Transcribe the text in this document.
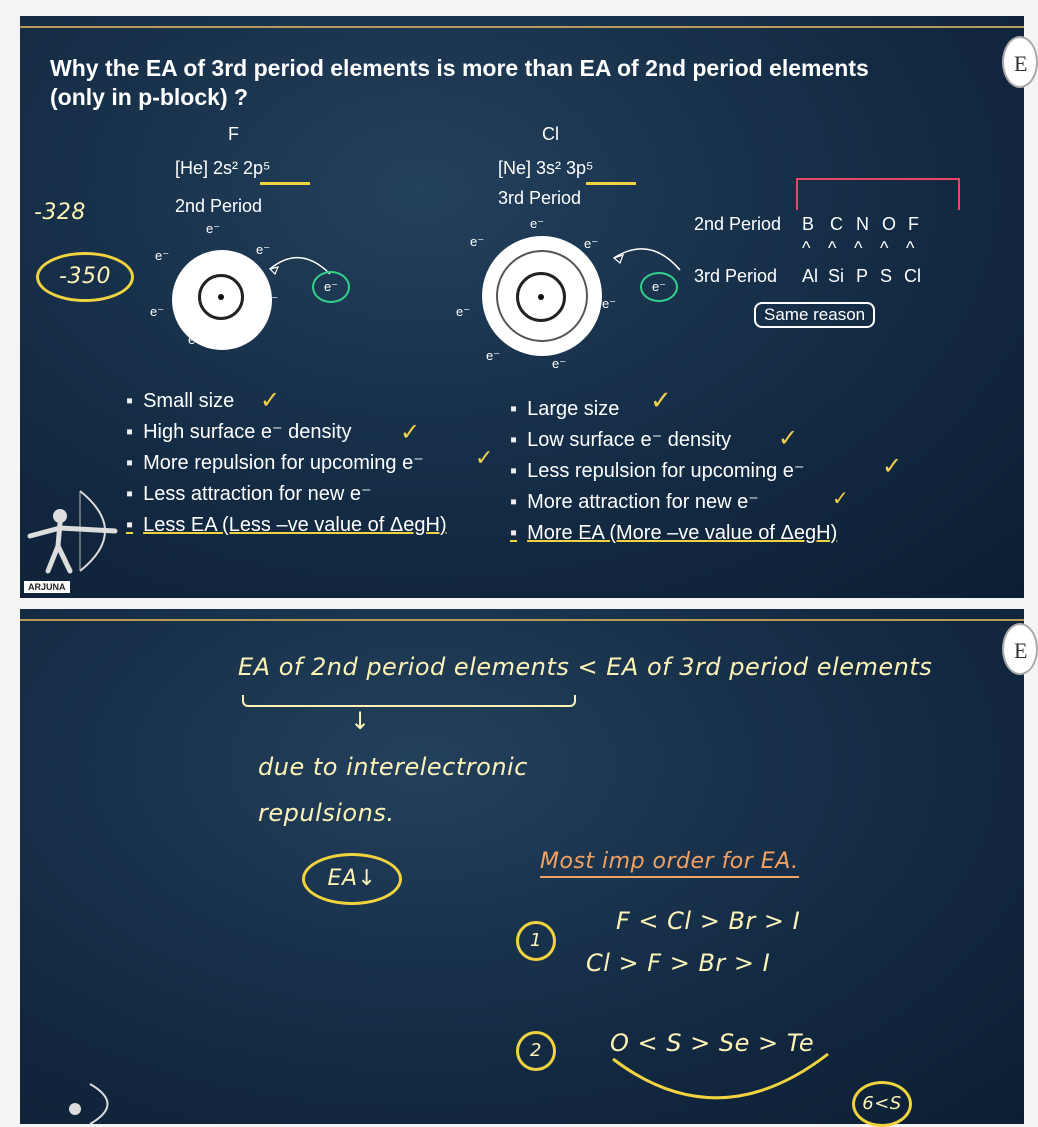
E
Why the EA of 3rd period elements is more than EA of 2nd period elements
(only in p-block) ?
F
[He] 2s² 2p⁵
2nd Period
-328
-350
e⁻
e⁻
e⁻
e⁻
e⁻
e⁻ e⁻
e⁻
Cl
[Ne] 3s² 3p⁵
3rd Period
e⁻
e⁻	e⁻
e⁻
e⁻
e⁻
e⁻
e⁻
2nd Period
3rd Period
B C N O F
^ ^ ^ ^ ^
Al Si P S Cl
Same reason
▪ Small size
▪ High surface e⁻ density
▪ More repulsion for upcoming e⁻
▪ Less attraction for new e⁻
▪ Less EA (Less –ve value of ΔegH)
▪ Large size
▪ Low surface e⁻ density
▪ Less repulsion for upcoming e⁻
▪ More attraction for new e⁻
▪ More EA (More –ve value of ΔegH)
✓
✓
✓
✓
✓
✓
✓
ARJUNA
E
EA of 2nd period elements < EA of 3rd period elements
↓
due to interelectronic
repulsions.
EA↓
Most imp order for EA.
1
F < Cl > Br > I
Cl > F > Br > I
2	O < S > Se > Te
6<S
